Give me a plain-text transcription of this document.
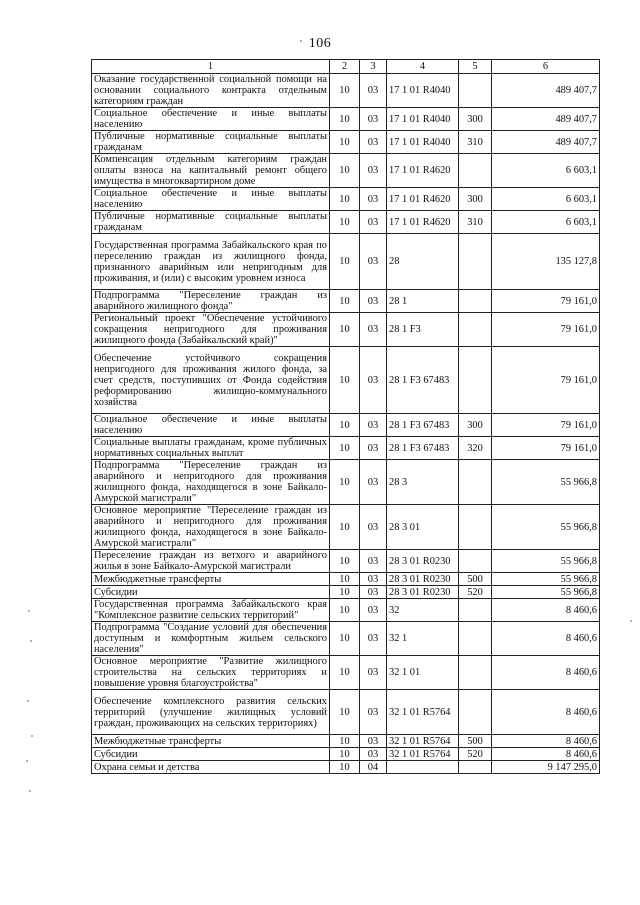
106
1	2	3	4	5	6
Оказание государственной социальной помощи на основании социального контракта отдельным категориям граждан	10	03	17 1 01 R4040		489 407,7
Социальное обеспечение и иные выплаты населению	10	03	17 1 01 R4040	300	489 407,7
Публичные нормативные социальные выплаты гражданам	10	03	17 1 01 R4040	310	489 407,7
Компенсация отдельным категориям граждан оплаты взноса на капитальный ремонт общего имущества в многоквартирном доме	10	03	17 1 01 R4620		6 603,1
Социальное обеспечение и иные выплаты населению	10	03	17 1 01 R4620	300	6 603,1
Публичные нормативные социальные выплаты гражданам	10	03	17 1 01 R4620	310	6 603,1
Государственная программа Забайкальского края по переселению граждан из жилищного фонда, признанного аварийным или непригодным для проживания, и (или) с высоким уровнем износа	10	03	28		135 127,8
Подпрограмма "Переселение граждан из аварийного жилищного фонда"	10	03	28 1		79 161,0
Региональный проект "Обеспечение устойчивого сокращения непригодного для проживания жилищного фонда (Забайкальский край)"	10	03	28 1 F3		79 161,0
Обеспечение устойчивого сокращения непригодного для проживания жилого фонда, за счет средств, поступивших от Фонда содействия реформированию жилищно-коммунального хозяйства	10	03	28 1 F3 67483		79 161,0
Социальное обеспечение и иные выплаты населению	10	03	28 1 F3 67483	300	79 161,0
Социальные выплаты гражданам, кроме публичных нормативных социальных выплат	10	03	28 1 F3 67483	320	79 161,0
Подпрограмма "Переселение граждан из аварийного и непригодного для проживания жилищного фонда, находящегося в зоне Байкало-Амурской магистрали"	10	03	28 3		55 966,8
Основное мероприятие "Переселение граждан из аварийного и непригодного для проживания жилищного фонда, находящегося в зоне Байкало-Амурской магистрали"	10	03	28 3 01		55 966,8
Переселение граждан из ветхого и аварийного жилья в зоне Байкало-Амурской магистрали	10	03	28 3 01 R0230		55 966,8
Межбюджетные трансферты	10	03	28 3 01 R0230	500	55 966,8
Субсидии	10	03	28 3 01 R0230	520	55 966,8
Государственная программа Забайкальского края "Комплексное развитие сельских территорий"	10	03	32		8 460,6
Подпрограмма "Создание условий для обеспечения доступным и комфортным жильем сельского населения"	10	03	32 1		8 460,6
Основное мероприятие "Развитие жилищного строительства на сельских территориях и повышение уровня благоустройства"	10	03	32 1 01		8 460,6
Обеспечение комплексного развития сельских территорий (улучшение жилищных условий граждан, проживающих на сельских территориях)	10	03	32 1 01 R5764		8 460,6
Межбюджетные трансферты	10	03	32 1 01 R5764	500	8 460,6
Субсидии	10	03	32 1 01 R5764	520	8 460,6
Охрана семьи и детства	10	04			9 147 295,0
